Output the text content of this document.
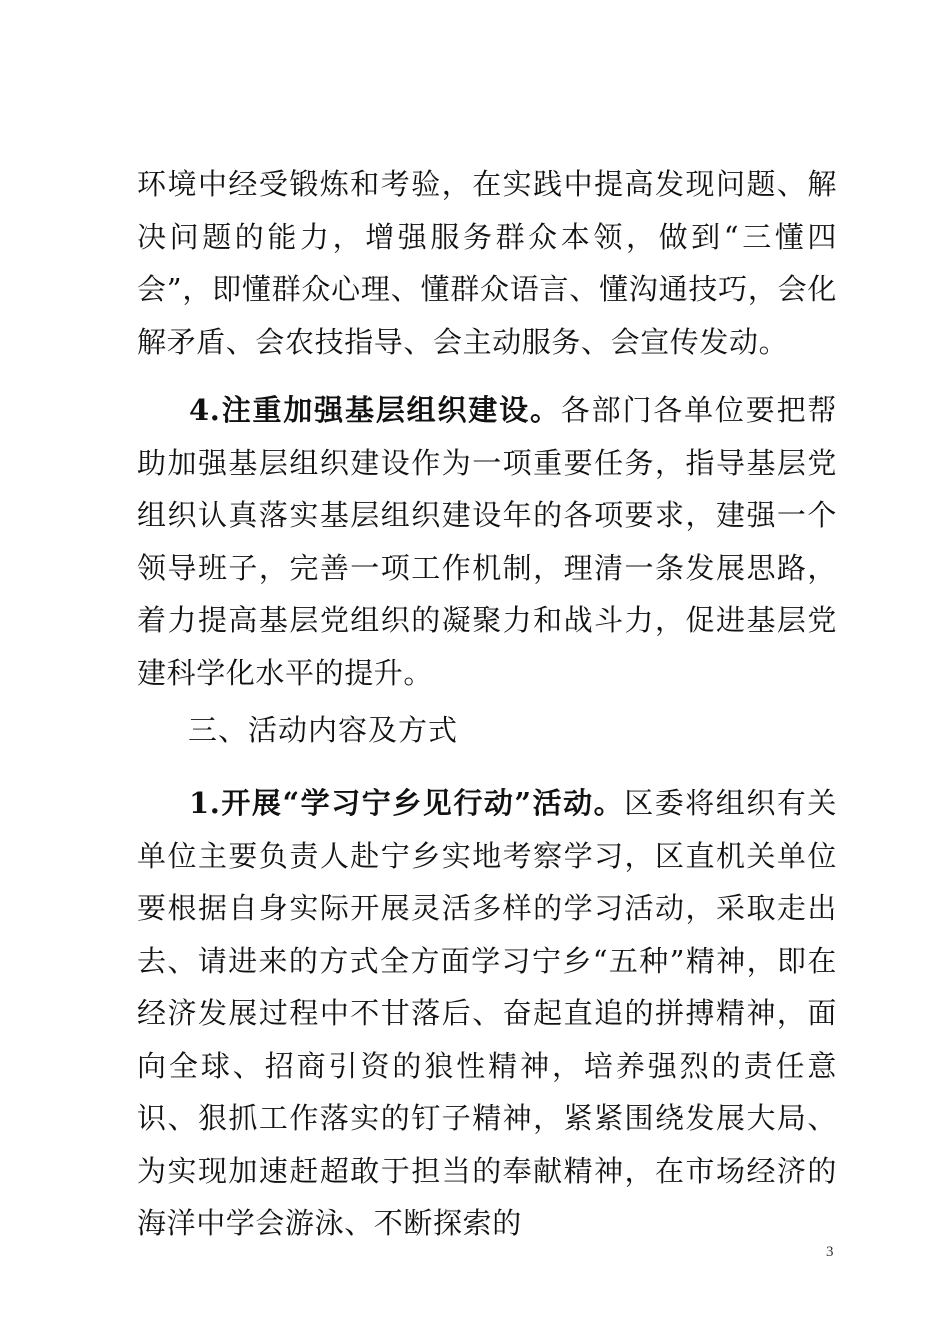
环境中经受锻炼和考验，在实践中提高发现问题、解决问题的能力，增强服务群众本领，做到“三懂四会”，即懂群众心理、懂群众语言、懂沟通技巧，会化解矛盾、会农技指导、会主动服务、会宣传发动。

4.注重加强基层组织建设。各部门各单位要把帮助加强基层组织建设作为一项重要任务，指导基层党组织认真落实基层组织建设年的各项要求，建强一个领导班子，完善一项工作机制，理清一条发展思路，着力提高基层党组织的凝聚力和战斗力，促进基层党建科学化水平的提升。

三、活动内容及方式

1.开展“学习宁乡见行动”活动。区委将组织有关单位主要负责人赴宁乡实地考察学习，区直机关单位要根据自身实际开展灵活多样的学习活动，采取走出去、请进来的方式全方面学习宁乡“五种”精神，即在经济发展过程中不甘落后、奋起直追的拼搏精神，面向全球、招商引资的狼性精神，培养强烈的责任意识、狠抓工作落实的钉子精神，紧紧围绕发展大局、为实现加速赶超敢于担当的奉献精神，在市场经济的海洋中学会游泳、不断探索的

3
